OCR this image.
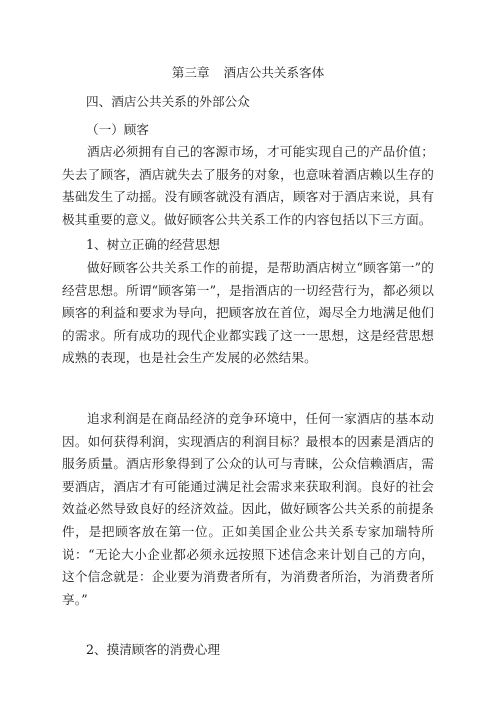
第三章 酒店公共关系客体
四、酒店公共关系的外部公众
（一）顾客

酒店必须拥有自己的客源市场，才可能实现自己的产品价值；失去了顾客，酒店就失去了服务的对象，也意味着酒店赖以生存的基础发生了动摇。没有顾客就没有酒店，顾客对于酒店来说，具有极其重要的意义。做好顾客公共关系工作的内容包括以下三方面。

1、树立正确的经营思想

做好顾客公共关系工作的前提，是帮助酒店树立“顾客第一”的经营思想。所谓“顾客第一”，是指酒店的一切经营行为，都必须以顾客的利益和要求为导向，把顾客放在首位，竭尽全力地满足他们的需求。所有成功的现代企业都实践了这一一思想，这是经营思想成熟的表现，也是社会生产发展的必然结果。

追求利润是在商品经济的竞争环境中，任何一家酒店的基本动因。如何获得利润，实现酒店的利润目标？最根本的因素是酒店的服务质量。酒店形象得到了公众的认可与青睐，公众信赖酒店，需要酒店，酒店才有可能通过满足社会需求来获取利润。良好的社会效益必然导致良好的经济效益。因此，做好顾客公共关系的前提条件，是把顾客放在第一位。正如美国企业公共关系专家加瑞特所说：“无论大小企业都必须永远按照下述信念来计划自己的方向，这个信念就是：企业要为消费者所有，为消费者所治，为消费者所享。”

2、摸清顾客的消费心理
